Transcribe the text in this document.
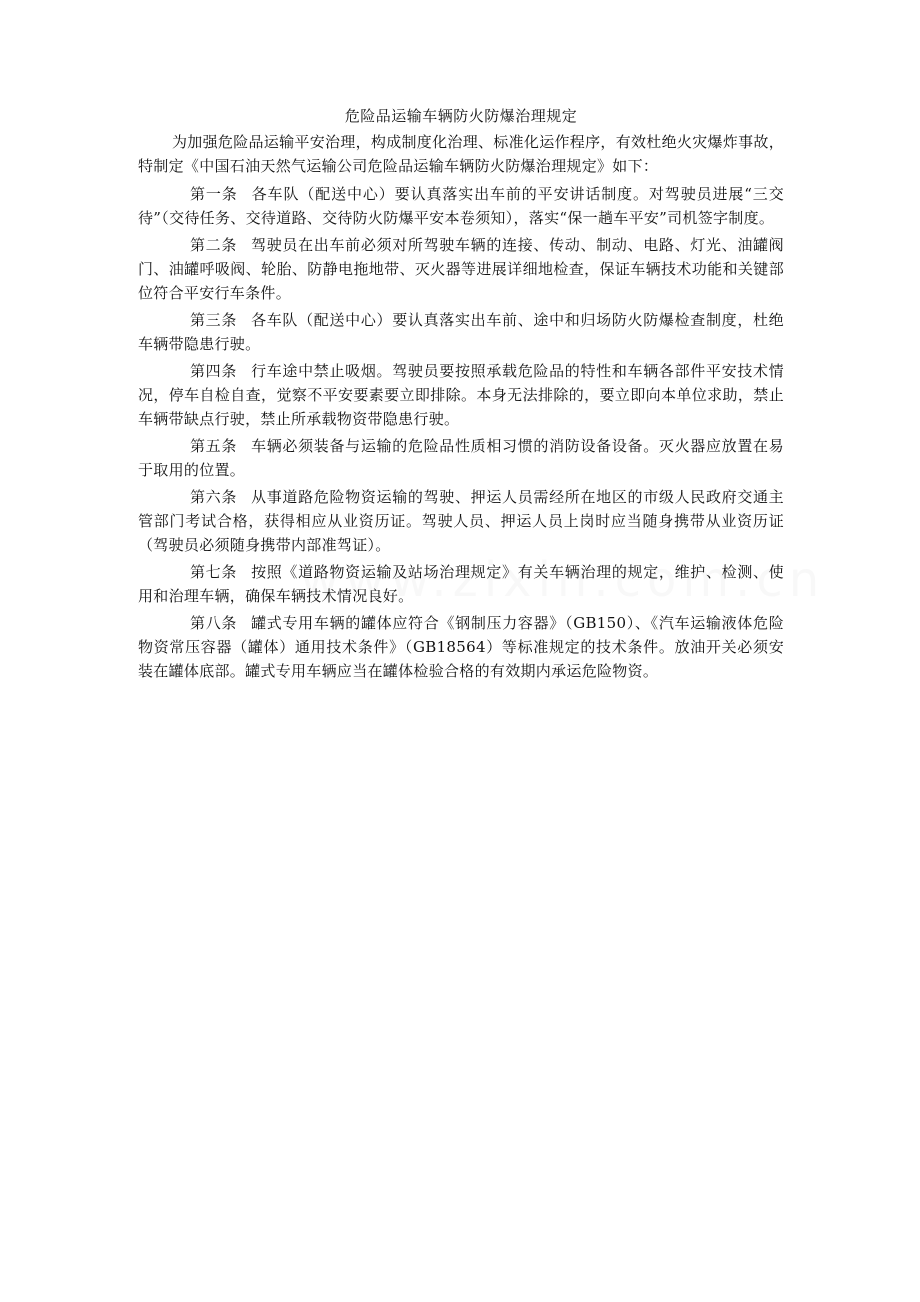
危险品运输车辆防火防爆治理规定

为加强危险品运输平安治理，构成制度化治理、标准化运作程序，有效杜绝火灾爆炸事故，特制定《中国石油天然气运输公司危险品运输车辆防火防爆治理规定》如下：

第一条 各车队（配送中心）要认真落实出车前的平安讲话制度。对驾驶员进展“三交待”（交待任务、交待道路、交待防火防爆平安本卷须知），落实“保一趟车平安”司机签字制度。

第二条 驾驶员在出车前必须对所驾驶车辆的连接、传动、制动、电路、灯光、油罐阀门、油罐呼吸阀、轮胎、防静电拖地带、灭火器等进展详细地检查，保证车辆技术功能和关键部位符合平安行车条件。

第三条 各车队（配送中心）要认真落实出车前、途中和归场防火防爆检查制度，杜绝车辆带隐患行驶。

第四条 行车途中禁止吸烟。驾驶员要按照承载危险品的特性和车辆各部件平安技术情况，停车自检自查，觉察不平安要素要立即排除。本身无法排除的，要立即向本单位求助，禁止车辆带缺点行驶，禁止所承载物资带隐患行驶。

第五条 车辆必须装备与运输的危险品性质相习惯的消防设备设备。灭火器应放置在易于取用的位置。

第六条 从事道路危险物资运输的驾驶、押运人员需经所在地区的市级人民政府交通主管部门考试合格，获得相应从业资历证。驾驶人员、押运人员上岗时应当随身携带从业资历证（驾驶员必须随身携带内部准驾证）。

第七条 按照《道路物资运输及站场治理规定》有关车辆治理的规定，维护、检测、使用和治理车辆，确保车辆技术情况良好。

第八条 罐式专用车辆的罐体应符合《钢制压力容器》（GB150）、《汽车运输液体危险物资常压容器（罐体）通用技术条件》（GB18564）等标准规定的技术条件。放油开关必须安装在罐体底部。罐式专用车辆应当在罐体检验合格的有效期内承运危险物资。
